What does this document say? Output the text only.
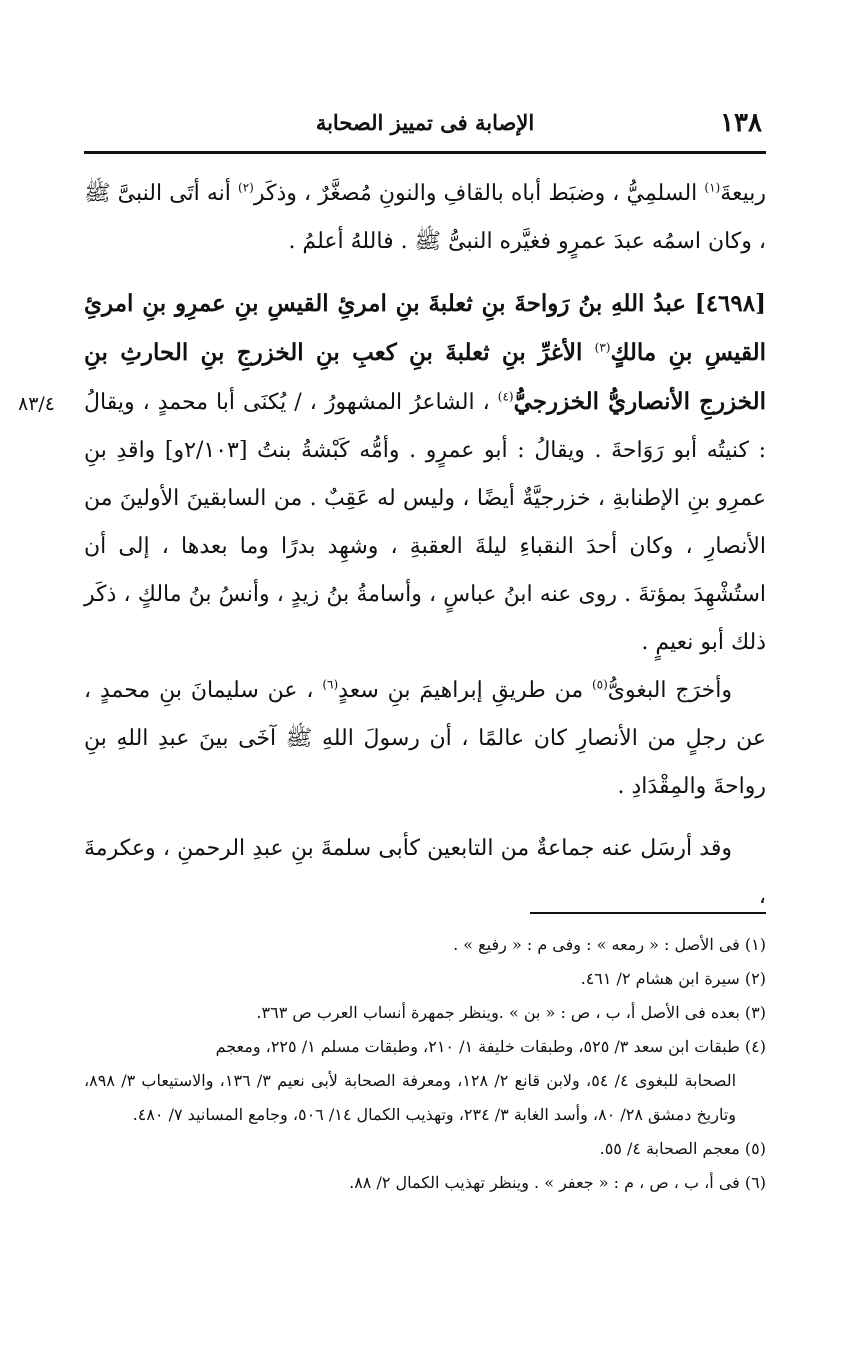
١٣٨
الإصابة فى تمييز الصحابة
٨٣/٤

ربيعةَ$^{(١)}$ السلمِيُّ ، وضبَط أباه بالقافِ والنونِ مُصغَّرٌ ، وذكَر$^{(٢)}$ أنه أتَى النبىَّ ﷺ ، وكان اسمُه عبدَ عمرٍو فغيَّره النبىُّ ﷺ . فاللهُ أعلمُ .

[٤٦٩٨] عبدُ اللهِ بنُ رَواحةَ بنِ ثعلبةَ بنِ امرئِ القيسِ بنِ عمرِو بنِ امرئِ القيسِ بنِ مالكٍ$^{(٣)}$ الأغرِّ بنِ ثعلبةَ بنِ كعبِ بنِ الخزرجِ بنِ الحارثِ بنِ الخزرجِ الأنصاريُّ الخزرجيُّ$^{(٤)}$ ، الشاعرُ المشهورُ ، / يُكنَى أبا محمدٍ ، ويقالُ : كنيتُه أبو رَوَاحةَ . ويقالُ : أبو عمرٍو . وأمُّه كَبْشةُ بنتُ [٢/١٠٣و] واقدِ بنِ عمرِو بنِ الإطنابةِ ، خزرجيَّةٌ أيضًا ، وليس له عَقِبٌ . من السابقينَ الأولينَ من الأنصارِ ، وكان أحدَ النقباءِ ليلةَ العقبةِ ، وشهِد بدرًا وما بعدها ، إلى أن استُشْهِدَ بمؤتةَ . روى عنه ابنُ عباسٍ ، وأسامةُ بنُ زيدٍ ، وأنسُ بنُ مالكٍ ، ذكَر ذلك أبو نعيمٍ .

وأخرَج البغوىُّ$^{(٥)}$ من طريقِ إبراهيمَ بنِ سعدٍ$^{(٦)}$ ، عن سليمانَ بنِ محمدٍ ، عن رجلٍ من الأنصارِ كان عالمًا ، أن رسولَ اللهِ ﷺ آخَى بينَ عبدِ اللهِ بنِ رواحةَ والمِقْدَادِ .

وقد أرسَل عنه جماعةٌ من التابعين كأبى سلمةَ بنِ عبدِ الرحمنِ ، وعكرمةَ ،

(١) فى الأصل : « رمعه » : وفى م : « رفيع » .
(٢) سيرة ابن هشام ٢/ ٤٦١.
(٣) بعده فى الأصل أ، ب ، ص : « بن » .وينظر جمهرة أنساب العرب ص ٣٦٣.
(٤) طبقات ابن سعد ٣/ ٥٢٥، وطبقات خليفة ١/ ٢١٠، وطبقات مسلم ١/ ٢٢٥، ومعجم
الصحابة للبغوى ٤/ ٥٤، ولابن قانع ٢/ ١٢٨، ومعرفة الصحابة لأبى نعيم ٣/ ١٣٦، والاستيعاب ٣/ ٨٩٨، وتاريخ دمشق ٢٨/ ٨٠، وأسد الغابة ٣/ ٢٣٤، وتهذيب الكمال ١٤/ ٥٠٦، وجامع المسانيد ٧/ ٤٨٠.
(٥) معجم الصحابة ٤/ ٥٥.
(٦) فى أ، ب ، ص ، م : « جعفر » . وينظر تهذيب الكمال ٢/ ٨٨.
